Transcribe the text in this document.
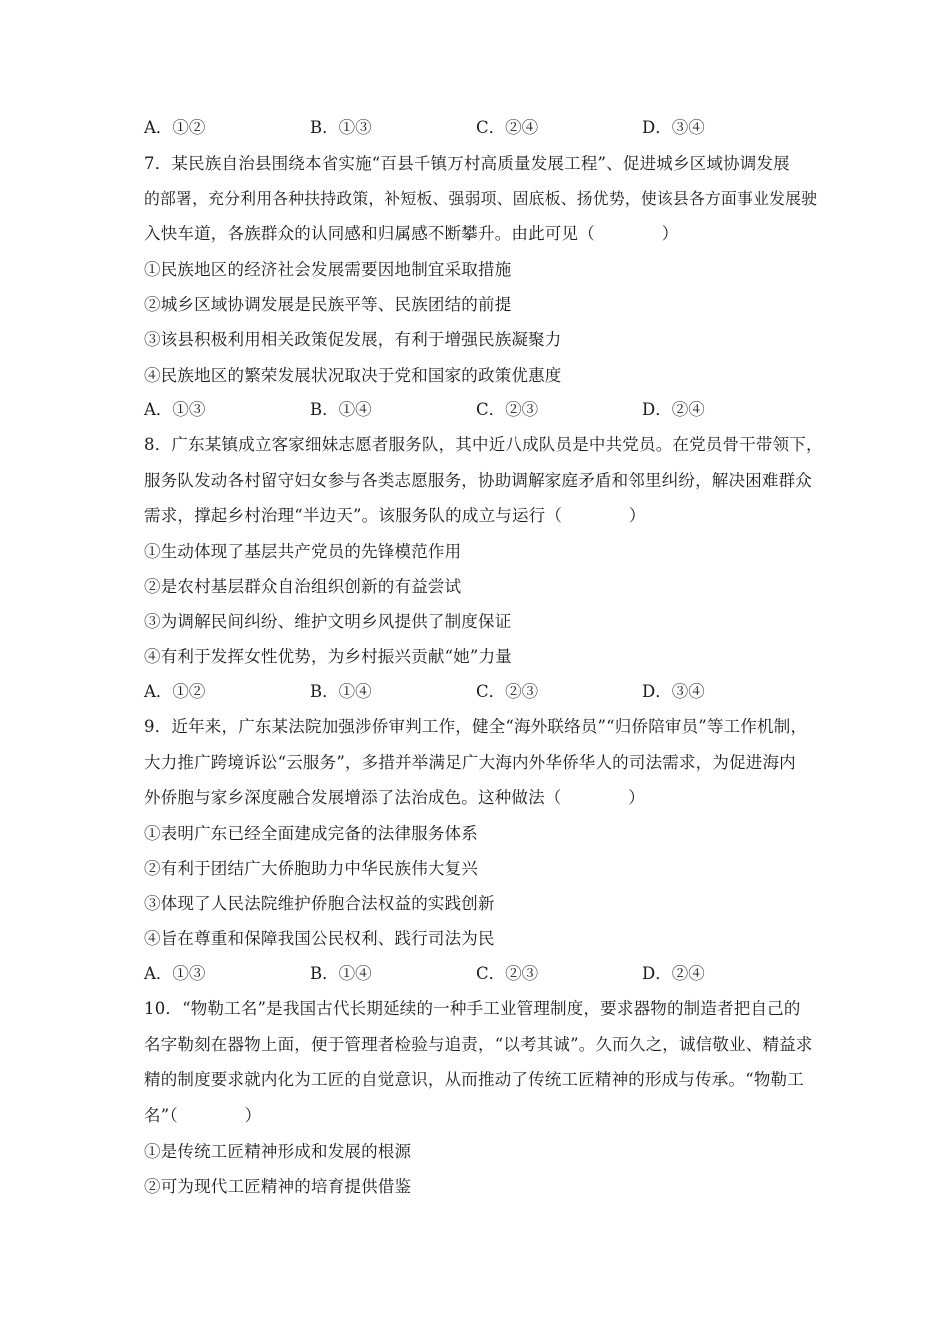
A．①②	B．①③	C．②④	D．③④
7．某民族自治县围绕本省实施“百县千镇万村高质量发展工程”、促进城乡区域协调发展
的部署，充分利用各种扶持政策，补短板、强弱项、固底板、扬优势，使该县各方面事业发展驶
入快车道，各族群众的认同感和归属感不断攀升。由此可见（　　　　）
①民族地区的经济社会发展需要因地制宜采取措施
②城乡区域协调发展是民族平等、民族团结的前提
③该县积极利用相关政策促发展，有利于增强民族凝聚力
④民族地区的繁荣发展状况取决于党和国家的政策优惠度
A．①③	B．①④	C．②③	D．②④
8．广东某镇成立客家细妹志愿者服务队，其中近八成队员是中共党员。在党员骨干带领下，
服务队发动各村留守妇女参与各类志愿服务，协助调解家庭矛盾和邻里纠纷，解决困难群众
需求，撑起乡村治理“半边天”。该服务队的成立与运行（　　　　）
①生动体现了基层共产党员的先锋模范作用
②是农村基层群众自治组织创新的有益尝试
③为调解民间纠纷、维护文明乡风提供了制度保证
④有利于发挥女性优势，为乡村振兴贡献“她”力量
A．①②	B．①④	C．②③	D．③④
9．近年来，广东某法院加强涉侨审判工作，健全“海外联络员”“归侨陪审员”等工作机制，
大力推广跨境诉讼“云服务”，多措并举满足广大海内外华侨华人的司法需求，为促进海内
外侨胞与家乡深度融合发展增添了法治成色。这种做法（　　　　）
①表明广东已经全面建成完备的法律服务体系
②有利于团结广大侨胞助力中华民族伟大复兴
③体现了人民法院维护侨胞合法权益的实践创新
④旨在尊重和保障我国公民权利、践行司法为民
A．①③	B．①④	C．②③	D．②④
10．“物勒工名”是我国古代长期延续的一种手工业管理制度，要求器物的制造者把自己的
名字勒刻在器物上面，便于管理者检验与追责，“以考其诚”。久而久之，诚信敬业、精益求
精的制度要求就内化为工匠的自觉意识，从而推动了传统工匠精神的形成与传承。“物勒工
名”（　　　　）
①是传统工匠精神形成和发展的根源
②可为现代工匠精神的培育提供借鉴
